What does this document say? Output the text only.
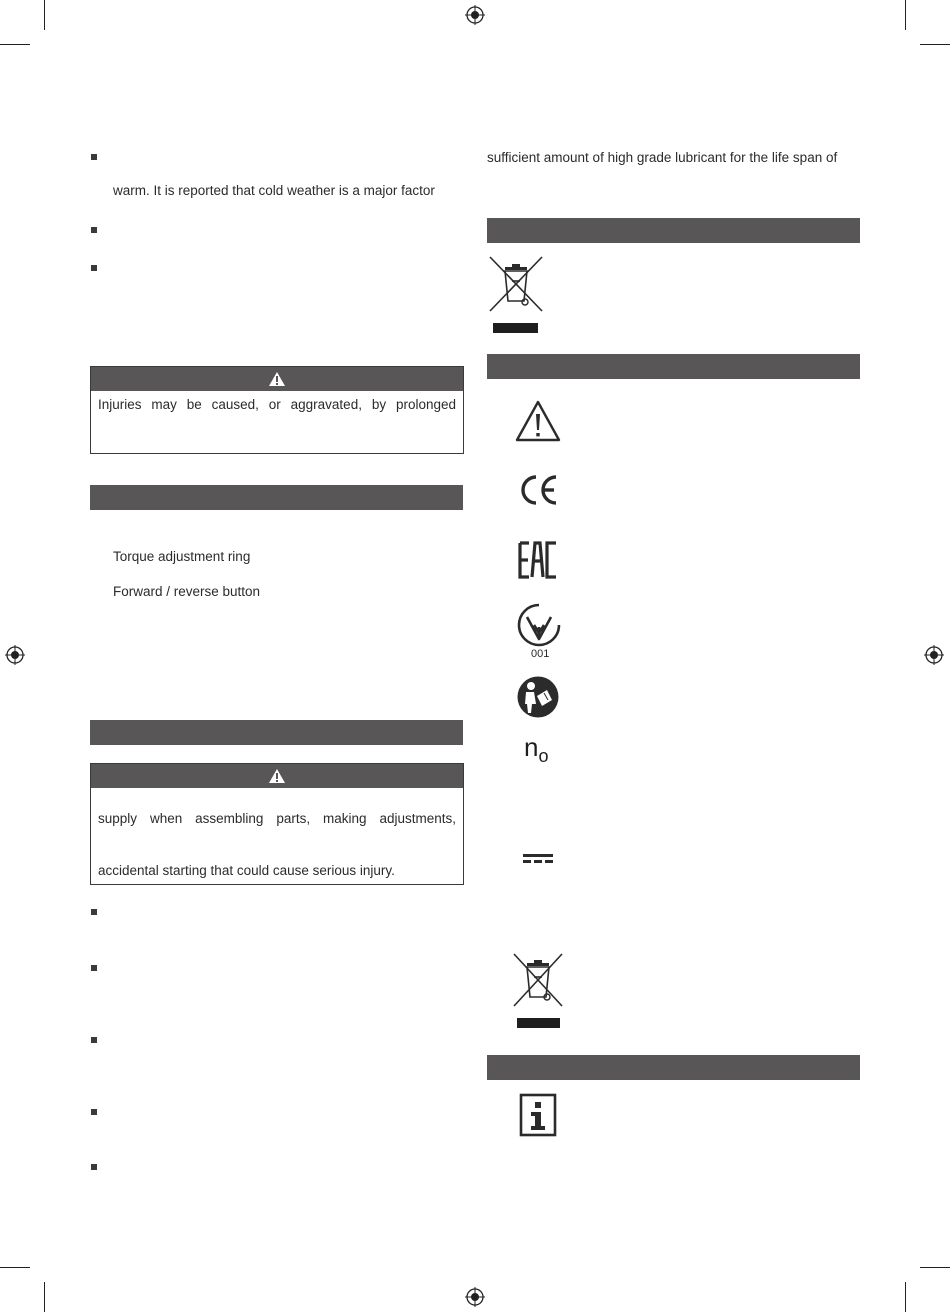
warm. It is reported that cold weather is a major factor
Injuries may be caused, or aggravated, by prolonged
Torque adjustment ring
Forward / reverse button
supply when assembling parts, making adjustments,
accidental starting that could cause serious injury.
sufficient amount of high grade lubricant for the life span of
001
$n_o$
